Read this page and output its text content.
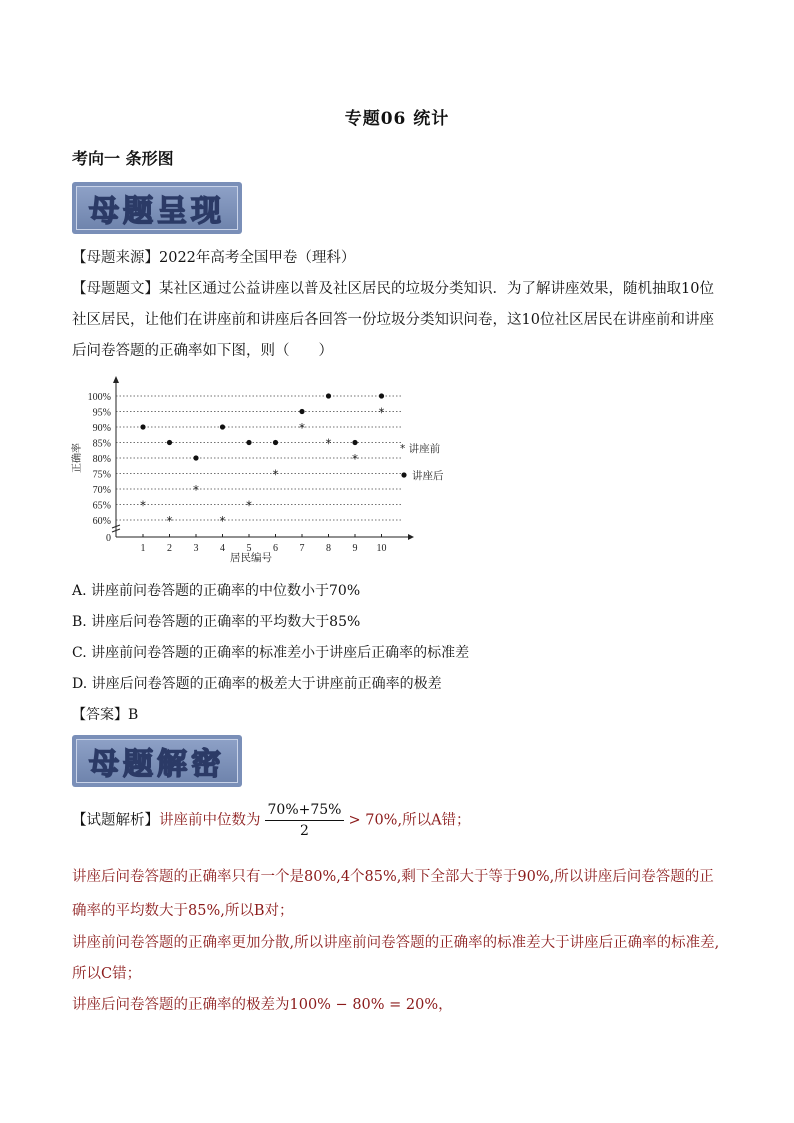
专题06 统计
考向一 条形图
母题呈现
【母题来源】2022年高考全国甲卷（理科）
【母题题文】某社区通过公益讲座以普及社区居民的垃圾分类知识．为了解讲座效果，随机抽取10位社区居民，让他们在讲座前和讲座后各回答一份垃圾分类知识问卷，这10位社区居民在讲座前和讲座后问卷答题的正确率如下图，则（　　）
0
60%
65%
70%
75%
80%
85%
90%
95%
100%
1 2 3 4 5 6 7 8 9 10
居民编号
正确率
*
*
*
*
*
*
*
*
*
*
* 讲座前
讲座后
A. 讲座前问卷答题的正确率的中位数小于70%
B. 讲座后问卷答题的正确率的平均数大于85%
C. 讲座前问卷答题的正确率的标准差小于讲座后正确率的标准差
D. 讲座后问卷答题的正确率的极差大于讲座前正确率的极差
【答案】B
母题解密
【试题解析】讲座前中位数为 $\frac{70\%+75\%}{2} > 70\%$,所以A错；
讲座后问卷答题的正确率只有一个是80%,4个85%,剩下全部大于等于90%,所以讲座后问卷答题的正确率的平均数大于85%,所以B对；
讲座前问卷答题的正确率更加分散,所以讲座前问卷答题的正确率的标准差大于讲座后正确率的标准差,所以C错；
讲座后问卷答题的正确率的极差为100% − 80% = 20%，
